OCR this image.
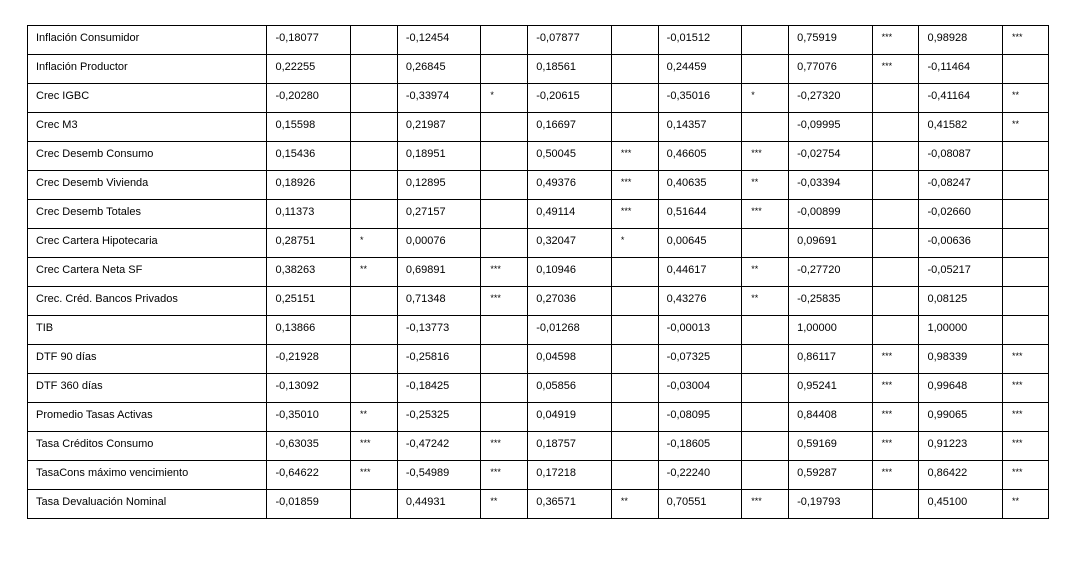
Inflación Consumidor	-0,18077		-0,12454		-0,07877		-0,01512		0,75919	***	0,98928	***
Inflación Productor	0,22255		0,26845		0,18561		0,24459		0,77076	***	-0,11464	
Crec IGBC	-0,20280		-0,33974	*	-0,20615		-0,35016	*	-0,27320		-0,41164	**
Crec M3	0,15598		0,21987		0,16697		0,14357		-0,09995		0,41582	**
Crec Desemb Consumo	0,15436		0,18951		0,50045	***	0,46605	***	-0,02754		-0,08087	
Crec Desemb Vivienda	0,18926		0,12895		0,49376	***	0,40635	**	-0,03394		-0,08247	
Crec Desemb Totales	0,11373		0,27157		0,49114	***	0,51644	***	-0,00899		-0,02660	
Crec Cartera Hipotecaria	0,28751	*	0,00076		0,32047	*	0,00645		0,09691		-0,00636	
Crec Cartera Neta SF	0,38263	**	0,69891	***	0,10946		0,44617	**	-0,27720		-0,05217	
Crec. Créd. Bancos Privados	0,25151		0,71348	***	0,27036		0,43276	**	-0,25835		0,08125	
TIB	0,13866		-0,13773		-0,01268		-0,00013		1,00000		1,00000	
DTF 90 días	-0,21928		-0,25816		0,04598		-0,07325		0,86117	***	0,98339	***
DTF 360 días	-0,13092		-0,18425		0,05856		-0,03004		0,95241	***	0,99648	***
Promedio Tasas Activas	-0,35010	**	-0,25325		0,04919		-0,08095		0,84408	***	0,99065	***
Tasa Créditos Consumo	-0,63035	***	-0,47242	***	0,18757		-0,18605		0,59169	***	0,91223	***
TasaCons máximo vencimiento	-0,64622	***	-0,54989	***	0,17218		-0,22240		0,59287	***	0,86422	***
Tasa Devaluación Nominal	-0,01859		0,44931	**	0,36571	**	0,70551	***	-0,19793		0,45100	**
